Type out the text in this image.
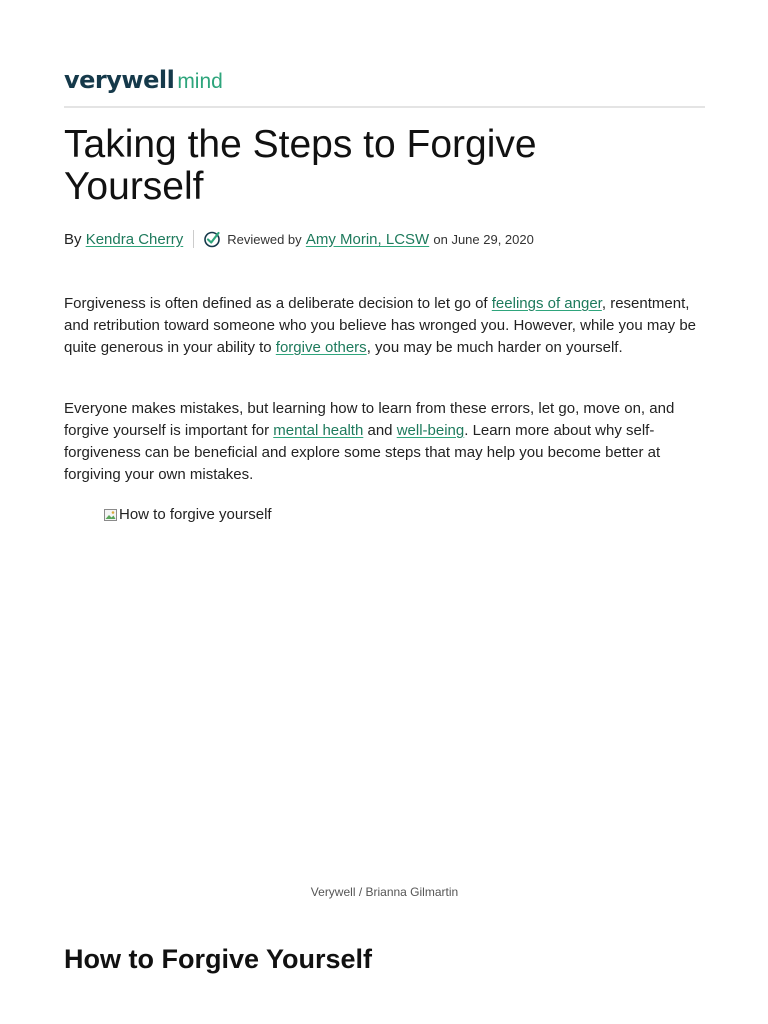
verywell mind
Taking the Steps to Forgive Yourself
By
Kendra Cherry	Reviewed by
Amy Morin, LCSW
on June 29, 2020

Forgiveness is often defined as a deliberate decision to let go of feelings of anger, resentment, and retribution toward someone who you believe has wronged you. However, while you may be quite generous in your ability to forgive others, you may be much harder on yourself.

Everyone makes mistakes, but learning how to learn from these errors, let go, move on, and forgive yourself is important for mental health and well-being. Learn more about why self-forgiveness can be beneficial and explore some steps that may help you become better at forgiving your own mistakes.

How to forgive yourself
Verywell / Brianna Gilmartin
How to Forgive Yourself
